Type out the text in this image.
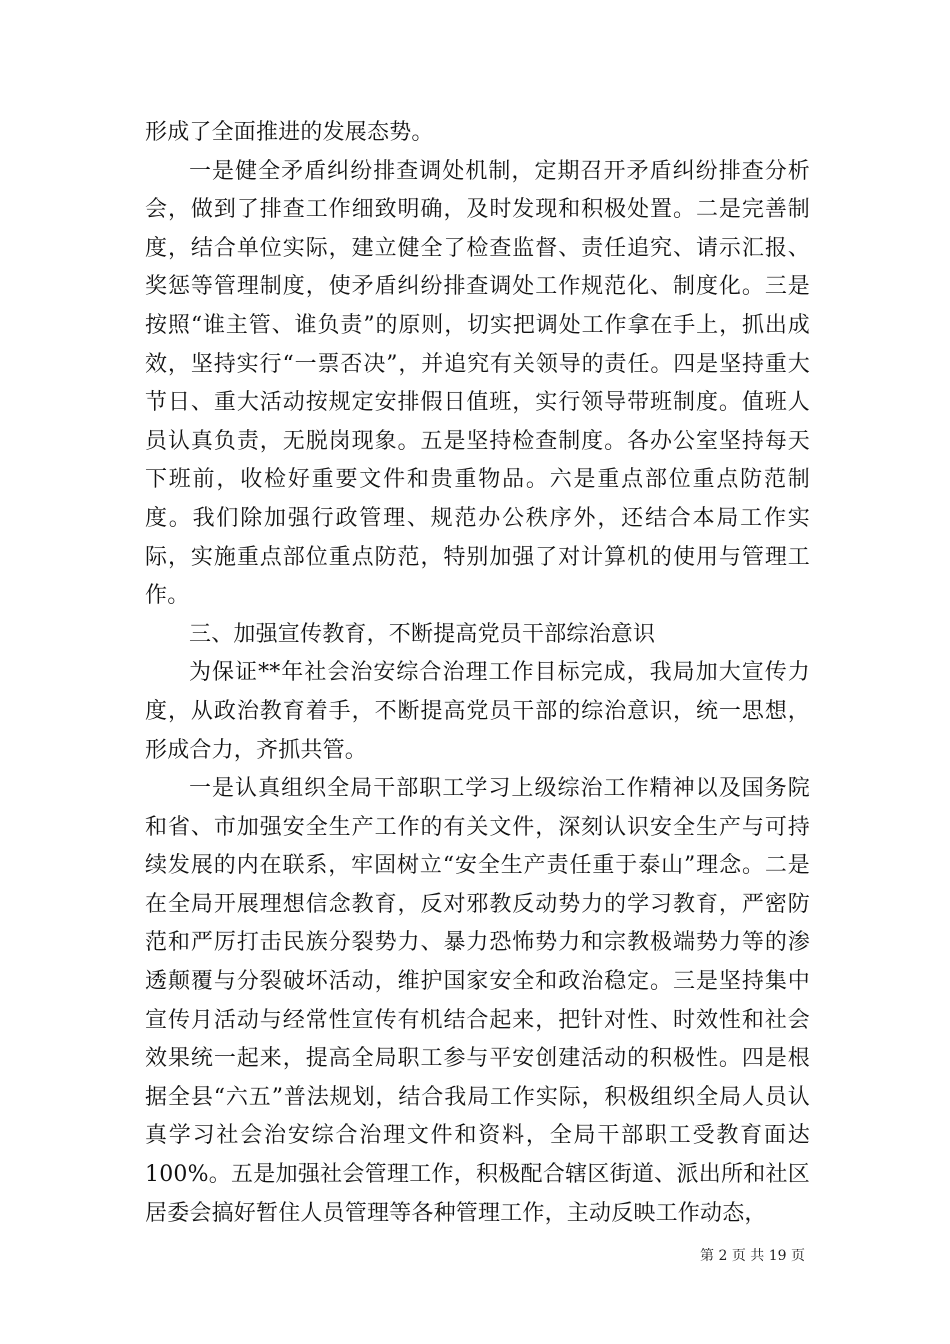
形成了全面推进的发展态势。

一是健全矛盾纠纷排查调处机制，定期召开矛盾纠纷排查分析会，做到了排查工作细致明确，及时发现和积极处置。二是完善制度，结合单位实际，建立健全了检查监督、责任追究、请示汇报、奖惩等管理制度，使矛盾纠纷排查调处工作规范化、制度化。三是按照“谁主管、谁负责”的原则，切实把调处工作拿在手上，抓出成效，坚持实行“一票否决”，并追究有关领导的责任。四是坚持重大节日、重大活动按规定安排假日值班，实行领导带班制度。值班人员认真负责，无脱岗现象。五是坚持检查制度。各办公室坚持每天下班前，收检好重要文件和贵重物品。六是重点部位重点防范制度。我们除加强行政管理、规范办公秩序外，还结合本局工作实际，实施重点部位重点防范，特别加强了对计算机的使用与管理工作。

三、加强宣传教育，不断提高党员干部综治意识

为保证**年社会治安综合治理工作目标完成，我局加大宣传力度，从政治教育着手，不断提高党员干部的综治意识，统一思想，形成合力，齐抓共管。

一是认真组织全局干部职工学习上级综治工作精神以及国务院和省、市加强安全生产工作的有关文件，深刻认识安全生产与可持续发展的内在联系，牢固树立“安全生产责任重于泰山”理念。二是在全局开展理想信念教育，反对邪教反动势力的学习教育，严密防范和严厉打击民族分裂势力、暴力恐怖势力和宗教极端势力等的渗透颠覆与分裂破坏活动，维护国家安全和政治稳定。三是坚持集中宣传月活动与经常性宣传有机结合起来，把针对性、时效性和社会效果统一起来，提高全局职工参与平安创建活动的积极性。四是根据全县“六五”普法规划，结合我局工作实际，积极组织全局人员认真学习社会治安综合治理文件和资料，全局干部职工受教育面达100%。五是加强社会管理工作，积极配合辖区街道、派出所和社区居委会搞好暂住人员管理等各种管理工作，主动反映工作动态，

第 2 页 共 19 页
